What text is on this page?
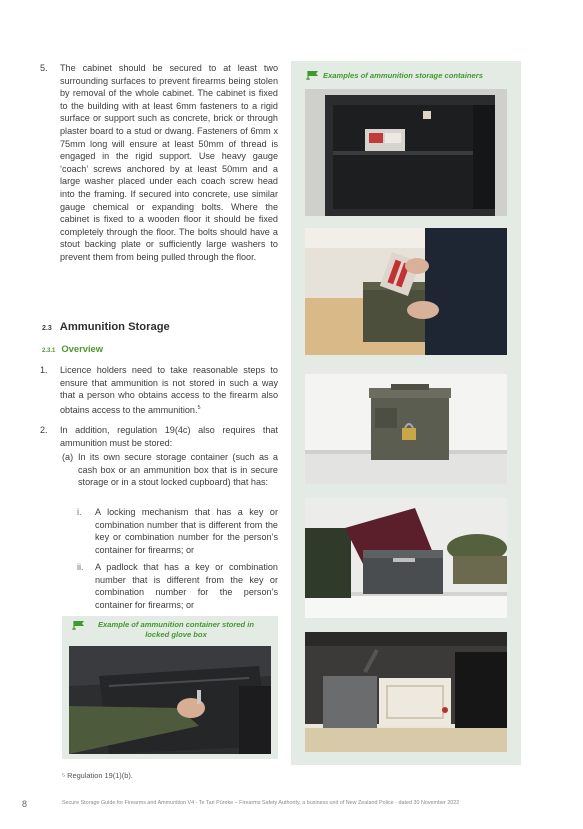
5.	The cabinet should be secured to at least two surrounding surfaces to prevent firearms being stolen by removal of the whole cabinet. The cabinet is fixed to the building with at least 6mm fasteners to a rigid surface or support such as concrete, brick or through plaster board to a stud or dwang. Fasteners of 6mm x 75mm long will ensure at least 50mm of thread is engaged in the rigid support. Use heavy gauge ‘coach’ screws anchored by at least 50mm and a large washer placed under each coach screw head into the framing. If secured into concrete, use similar gauge chemical or expanding bolts. Where the cabinet is fixed to a wooden floor it should be fixed completely through the floor. The bolts should have a stout backing plate or sufficiently large washers to prevent them from being pulled through the floor.
2.3 Ammunition Storage
2.3.1 Overview
1.	Licence holders need to take reasonable steps to ensure that ammunition is not stored in such a way that a person who obtains access to the firearm also obtains access to the ammunition.$^5$
2.	In addition, regulation 19(4c) also requires that ammunition must be stored:
(a) In its own secure storage container (such as a cash box or an ammunition box that is in secure storage or in a stout locked cupboard) that has:
i.	A locking mechanism that has a key or combination number that is different from the key or combination number for the person’s container for firearms; or
ii.	A padlock that has a key or combination number that is different from the key or combination number for the person’s container for firearms; or
Examples of ammunition storage containers
Example of ammunition container stored in locked glove box
⁵ Regulation 19(1)(b).
8	Secure Storage Guide for Firearms and Ammunition V4 - Te Tari Pūreke – Firearms Safety Authority, a business unit of New Zealand Police - dated 30 November 2022
